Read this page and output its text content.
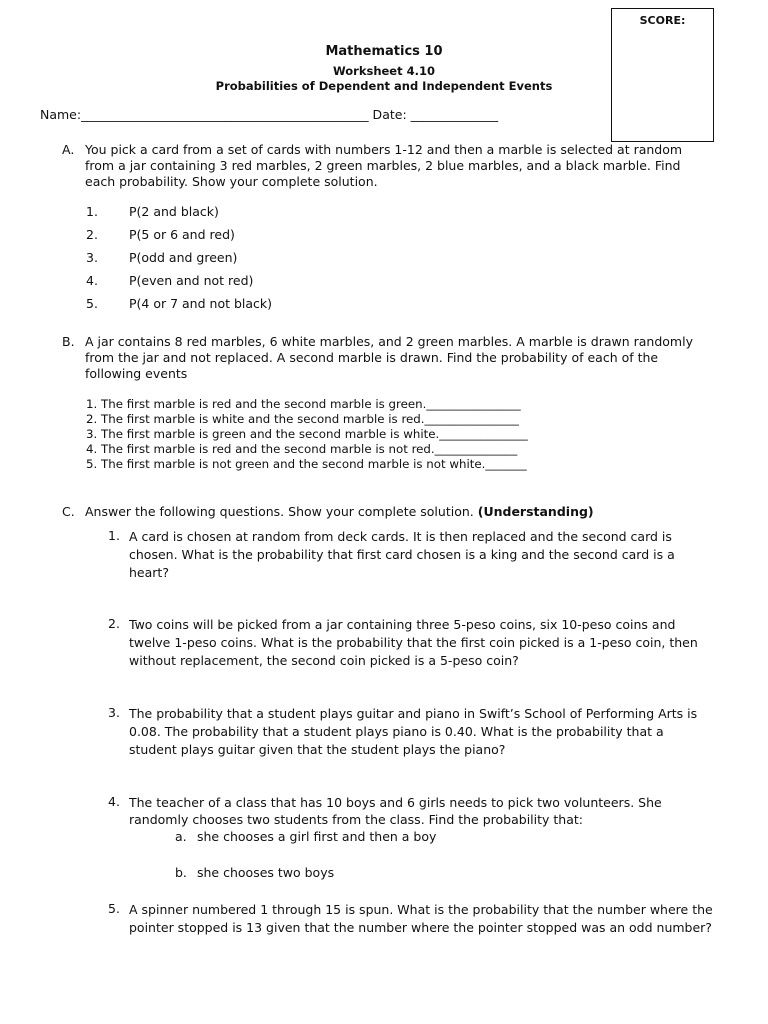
SCORE:
Mathematics 10
Worksheet 4.10
Probabilities of Dependent and Independent Events
Name:______________________________________________ Date: ______________
A. You pick a card from a set of cards with numbers 1-12 and then a marble is selected at random from a jar containing 3 red marbles, 2 green marbles, 2 blue marbles, and a black marble. Find each probability. Show your complete solution.
1. P(2 and black)
2. P(5 or 6 and red)
3. P(odd and green)
4. P(even and not red)
5. P(4 or 7 and not black)
B. A jar contains 8 red marbles, 6 white marbles, and 2 green marbles. A marble is drawn randomly from the jar and not replaced. A second marble is drawn. Find the probability of each of the following events
1. The first marble is red and the second marble is green.________________
2. The first marble is white and the second marble is red.________________
3. The first marble is green and the second marble is white._______________
4. The first marble is red and the second marble is not red.______________
5. The first marble is not green and the second marble is not white._______
C. Answer the following questions. Show your complete solution. (Understanding)
1. A card is chosen at random from deck cards. It is then replaced and the second card is chosen. What is the probability that first card chosen is a king and the second card is a heart?
2. Two coins will be picked from a jar containing three 5-peso coins, six 10-peso coins and twelve 1-peso coins. What is the probability that the first coin picked is a 1-peso coin, then without replacement, the second coin picked is a 5-peso coin?
3. The probability that a student plays guitar and piano in Swift’s School of Performing Arts is 0.08. The probability that a student plays piano is 0.40. What is the probability that a student plays guitar given that the student plays the piano?
4. The teacher of a class that has 10 boys and 6 girls needs to pick two volunteers. She randomly chooses two students from the class. Find the probability that:
a. she chooses a girl first and then a boy
b. she chooses two boys
5. A spinner numbered 1 through 15 is spun. What is the probability that the number where the pointer stopped is 13 given that the number where the pointer stopped was an odd number?
